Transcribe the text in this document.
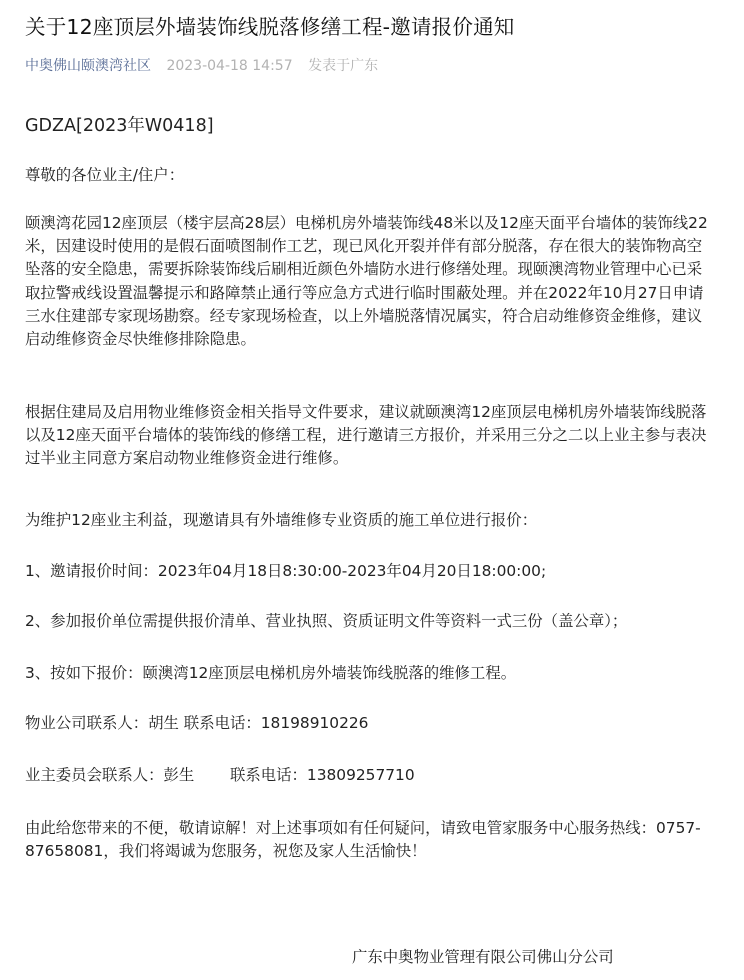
关于12座顶层外墙装饰线脱落修缮工程-邀请报价通知
中奥佛山颐澳湾社区 2023-04-18 14:57 发表于广东

GDZA[2023年W0418]

尊敬的各位业主/住户：

颐澳湾花园12座顶层（楼宇层高28层）电梯机房外墙装饰线48米以及12座天面平台墙体的装饰线22米，因建设时使用的是假石面喷图制作工艺，现已风化开裂并伴有部分脱落，存在很大的装饰物高空坠落的安全隐患，需要拆除装饰线后刷相近颜色外墙防水进行修缮处理。现颐澳湾物业管理中心已采取拉警戒线设置温馨提示和路障禁止通行等应急方式进行临时围蔽处理。并在2022年10月27日申请三水住建部专家现场勘察。经专家现场检查，以上外墙脱落情况属实，符合启动维修资金维修，建议启动维修资金尽快维修排除隐患。

根据住建局及启用物业维修资金相关指导文件要求，建议就颐澳湾12座顶层电梯机房外墙装饰线脱落以及12座天面平台墙体的装饰线的修缮工程，进行邀请三方报价，并采用三分之二以上业主参与表决过半业主同意方案启动物业维修资金进行维修。

为维护12座业主利益，现邀请具有外墙维修专业资质的施工单位进行报价：

1、邀请报价时间：2023年04月18日8:30:00-2023年04月20日18:00:00;

2、参加报价单位需提供报价清单、营业执照、资质证明文件等资料一式三份（盖公章）；

3、按如下报价：颐澳湾12座顶层电梯机房外墙装饰线脱落的维修工程。

物业公司联系人：胡生 联系电话：18198910226

业主委员会联系人：彭生　　 联系电话：13809257710

由此给您带来的不便，敬请谅解！对上述事项如有任何疑问，请致电管家服务中心服务热线：0757-87658081，我们将竭诚为您服务，祝您及家人生活愉快！

广东中奥物业管理有限公司佛山分公司
